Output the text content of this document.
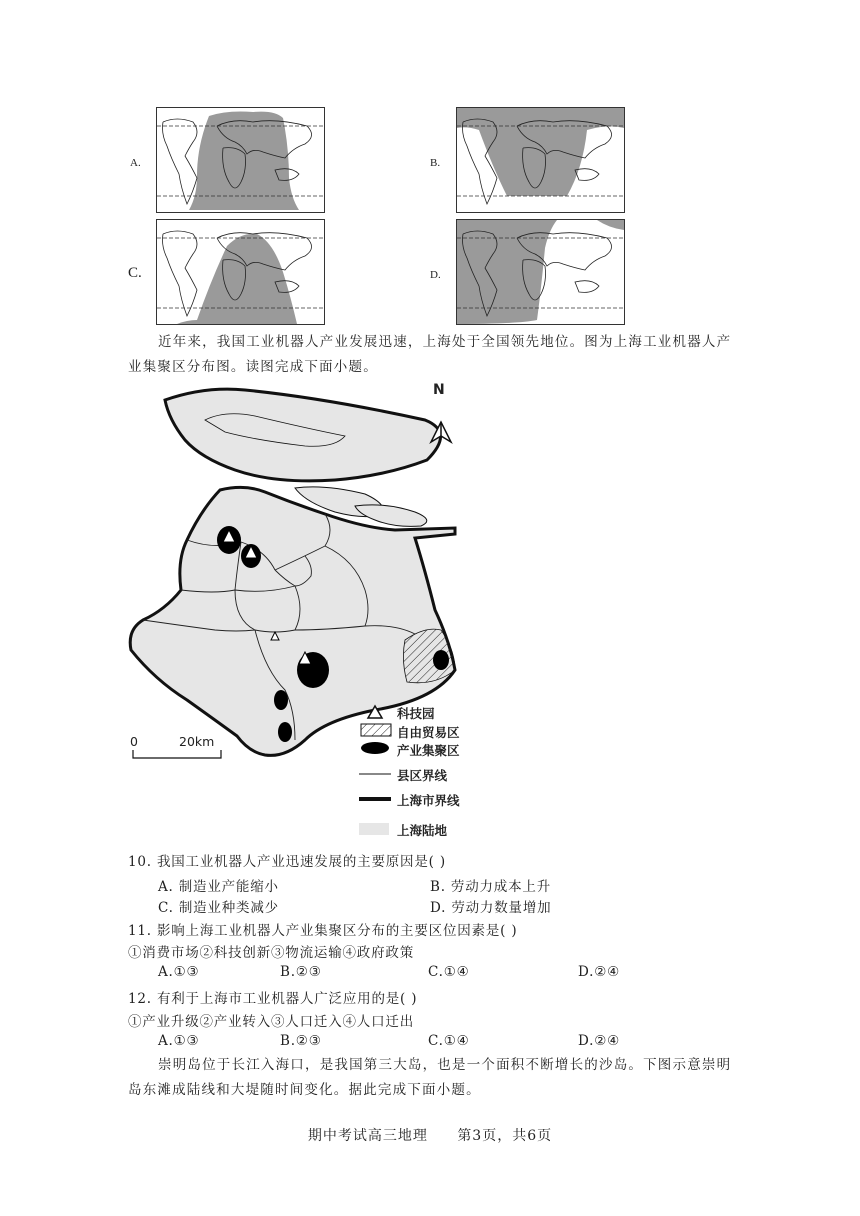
A.	B.
C.	D.
近年来，我国工业机器人产业发展迅速，上海处于全国领先地位。图为上海工业机器人产业集聚区分布图。读图完成下面小题。
N
0	20km
科技园
自由贸易区
产业集聚区
县区界线
上海市界线
上海陆地
10. 我国工业机器人产业迅速发展的主要原因是( )
A. 制造业产能缩小	B. 劳动力成本上升
C. 制造业种类减少	D. 劳动力数量增加
11. 影响上海工业机器人产业集聚区分布的主要区位因素是( )
①消费市场②科技创新③物流运输④政府政策
A.①③	B.②③	C.①④	D.②④
12. 有利于上海市工业机器人广泛应用的是( )
①产业升级②产业转入③人口迁入④人口迁出
A.①③	B.②③	C.①④	D.②④
崇明岛位于长江入海口，是我国第三大岛，也是一个面积不断增长的沙岛。下图示意崇明岛东滩成陆线和大堤随时间变化。据此完成下面小题。
期中考试高三地理 第3页，共6页
